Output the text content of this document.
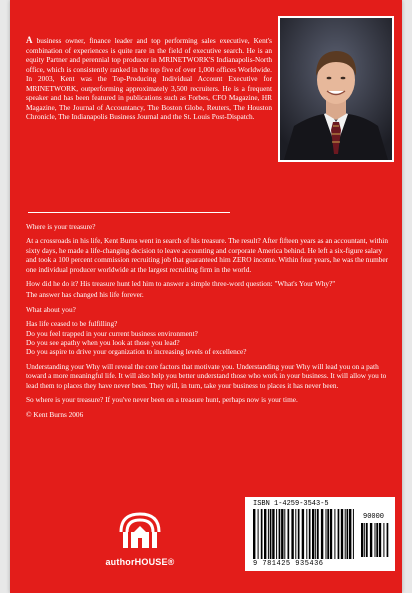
A business owner, finance leader and top performing sales executive, Kent's combination of experiences is quite rare in the field of executive search. He is an equity Partner and perennial top producer in MRINETWORK'S Indianapolis-North office, which is consistently ranked in the top five of over 1,000 offices Worldwide. In 2003, Kent was the Top-Producing Individual Account Executive for MRINETWORK, outperforming approximately 3,500 recruiters. He is a frequent speaker and has been featured in publications such as Forbes, CFO Magazine, HR Magazine, The Journal of Accountancy, The Boston Globe, Reuters, The Houston Chronicle, The Indianapolis Business Journal and the St. Louis Post-Dispatch.

Where is your treasure?

At a crossroads in his life, Kent Burns went in search of his treasure. The result? After fifteen years as an accountant, within sixty days, he made a life-changing decision to leave accounting and corporate America behind. He left a six-figure salary and took a 100 percent commission recruiting job that guaranteed him ZERO income. Within four years, he was the number one individual producer worldwide at the largest recruiting firm in the world.

How did he do it? His treasure hunt led him to answer a simple three-word question: "What's Your Why?"

The answer has changed his life forever.

What about you?

Has life ceased to be fulfilling?
Do you feel trapped in your current business environment?
Do you see apathy when you look at those you lead?
Do you aspire to drive your organization to increasing levels of excellence?

Understanding your Why will reveal the core factors that motivate you. Understanding your Why will lead you on a path toward a more meaningful life. It will also help you better understand those who work in your business. It will allow you to lead them to places they have never been. They will, in turn, take your business to places it has never been.

So where is your treasure? If you've never been on a treasure hunt, perhaps now is your time.

© Kent Burns 2006

authorHOUSE®
ISBN 1-4259-3543-5
90000
9 781425 935436
